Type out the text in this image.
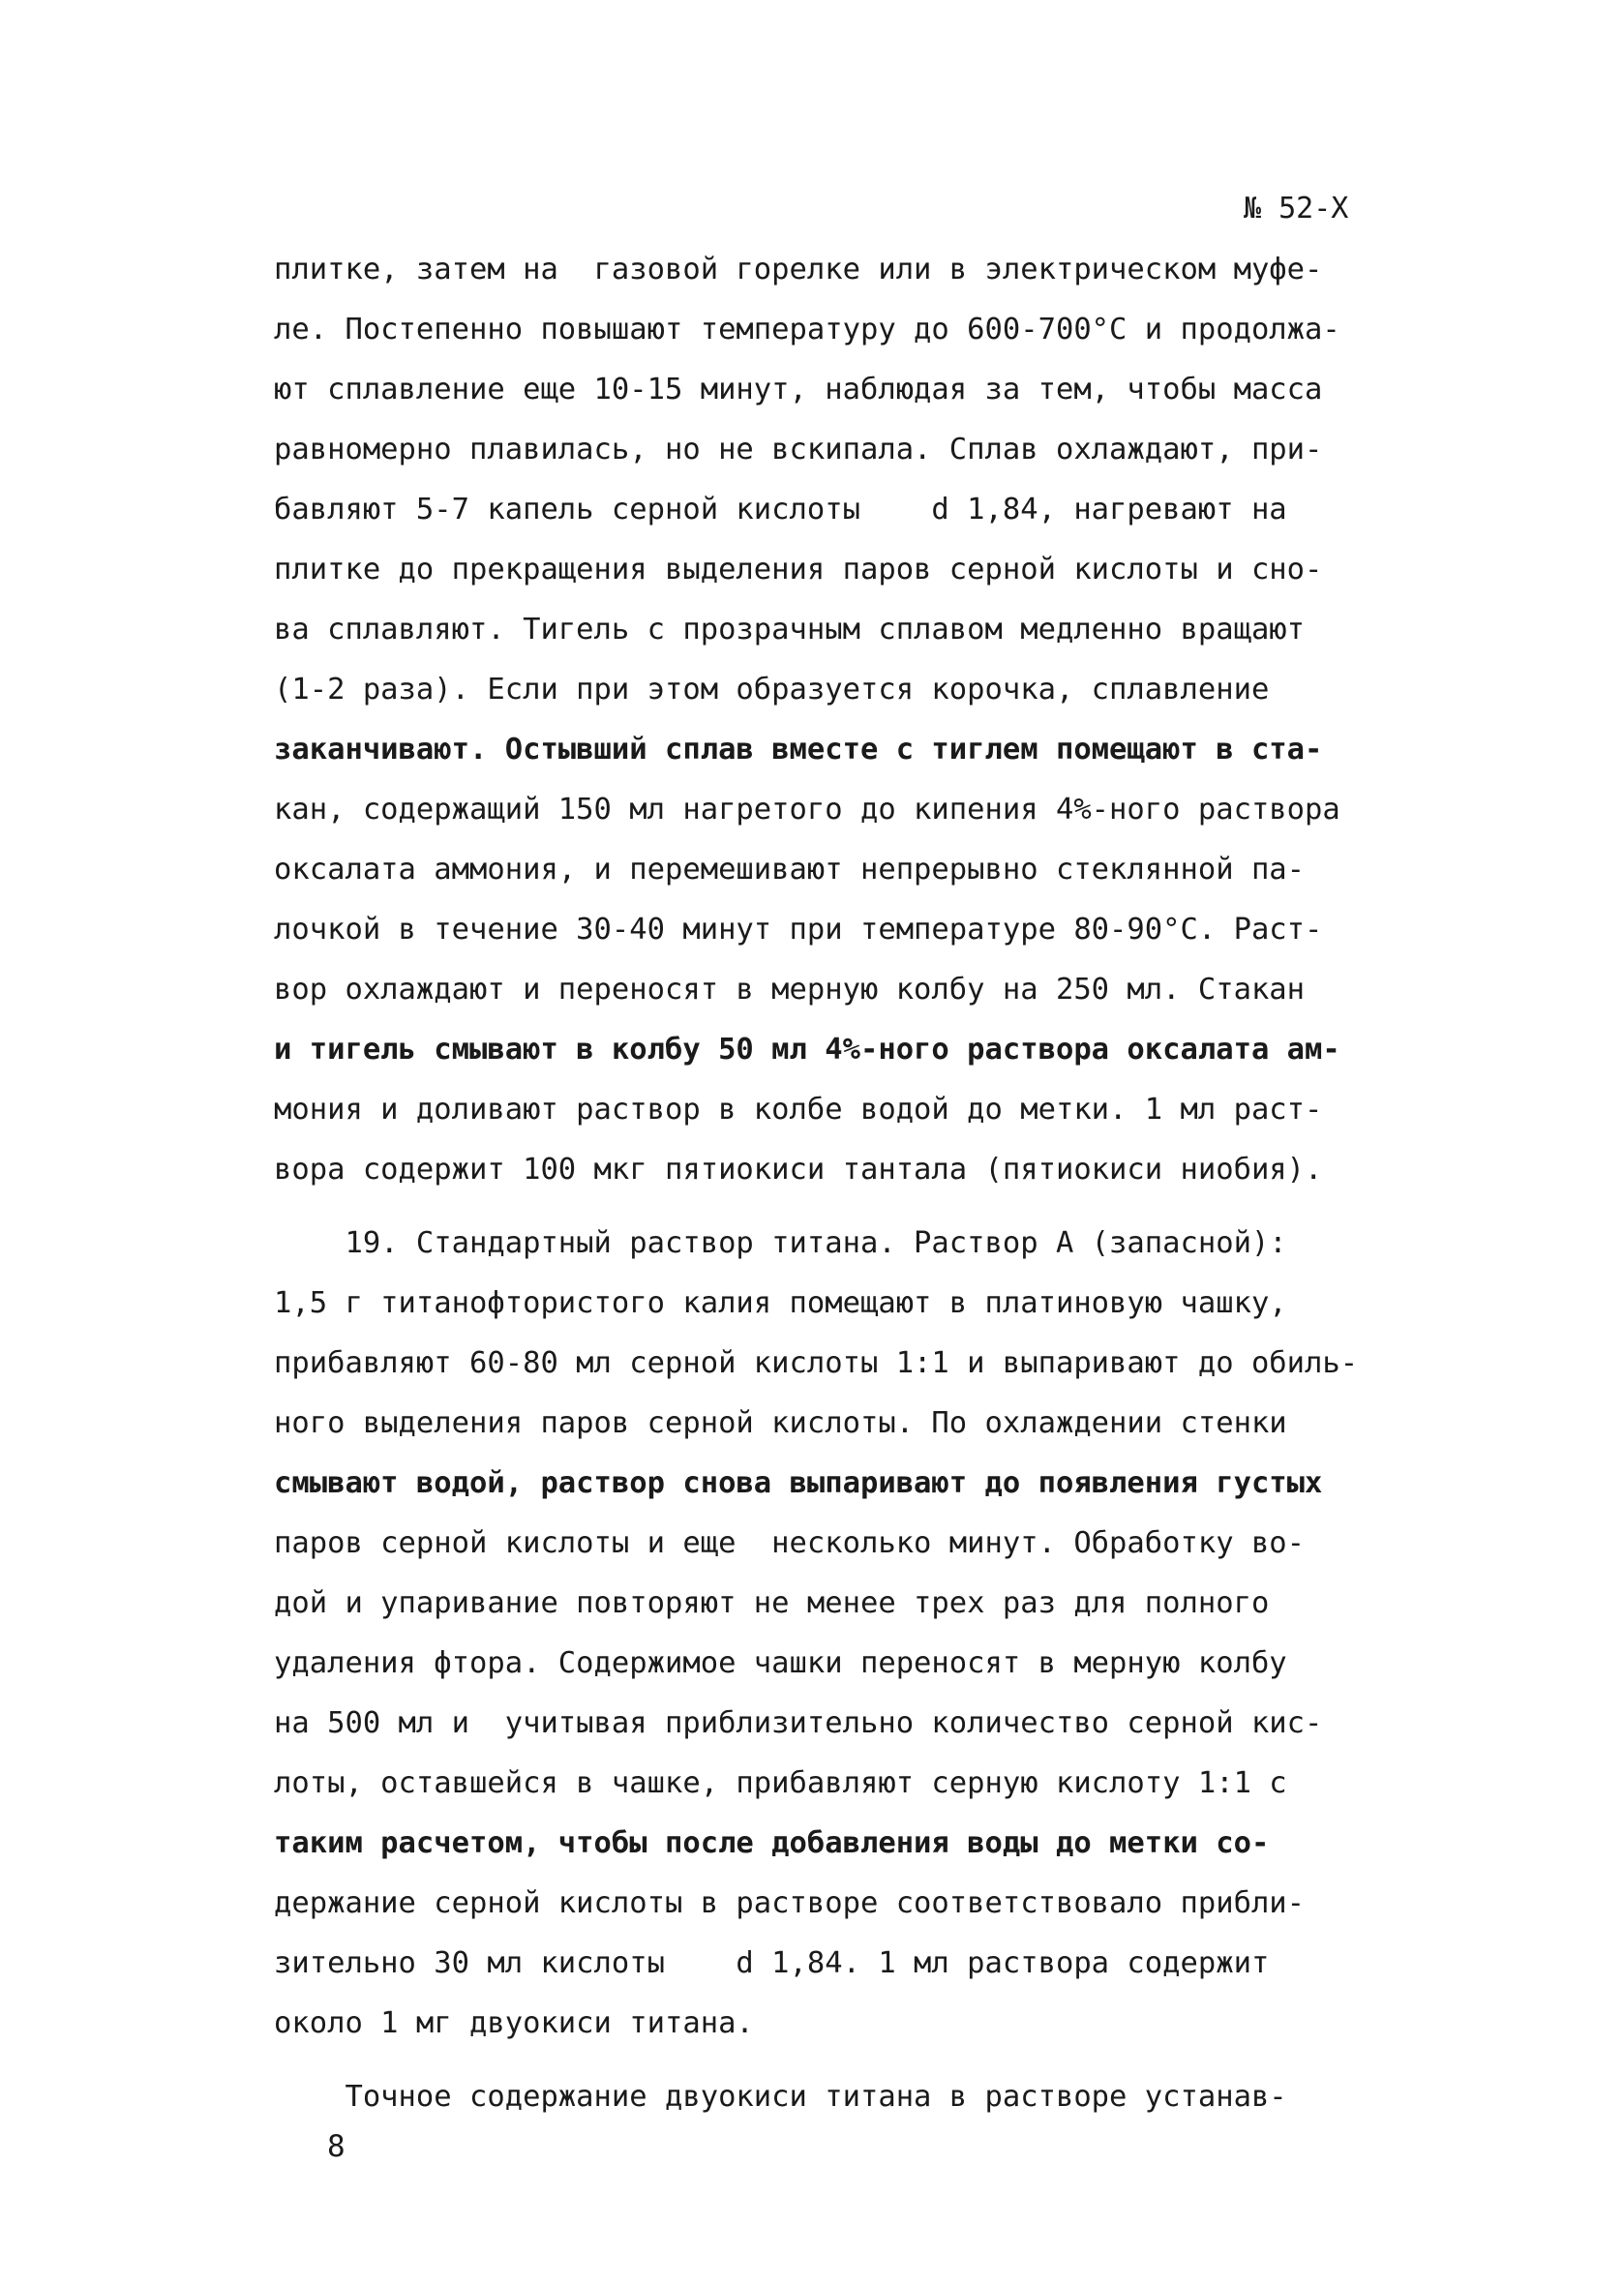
№ 52-Х
плитке, затем на  газовой горелке или в электрическом муфе-
ле. Постепенно повышают температуру до 600-700°С и продолжа-
ют сплавление еще 10-15 минут, наблюдая за тем, чтобы масса
равномерно плавилась, но не вскипала. Сплав охлаждают, при-
бавляют 5-7 капель серной кислоты    d 1,84, нагревают на
плитке до прекращения выделения паров серной кислоты и сно-
ва сплавляют. Тигель с прозрачным сплавом медленно вращают
(1-2 раза). Если при этом образуется корочка, сплавление
заканчивают. Остывший сплав вместе с тиглем помещают в ста-
кан, содержащий 150 мл нагретого до кипения 4%-ного раствора
оксалата аммония, и перемешивают непрерывно стеклянной па-
лочкой в течение 30-40 минут при температуре 80-90°С. Раст-
вор охлаждают и переносят в мерную колбу на 250 мл. Стакан
и тигель смывают в колбу 50 мл 4%-ного раствора оксалата ам-
мония и доливают раствор в колбе водой до метки. 1 мл раст-
вора содержит 100 мкг пятиокиси тантала (пятиокиси ниобия).
19. Стандартный раствор титана. Раствор А (запасной):
1,5 г титанофтористого калия помещают в платиновую чашку,
прибавляют 60-80 мл серной кислоты 1:1 и выпаривают до обиль-
ного выделения паров серной кислоты. По охлаждении стенки
смывают водой, раствор снова выпаривают до появления густых
паров серной кислоты и еще  несколько минут. Обработку во-
дой и упаривание повторяют не менее трех раз для полного
удаления фтора. Содержимое чашки переносят в мерную колбу
на 500 мл и  учитывая приблизительно количество серной кис-
лоты, оставшейся в чашке, прибавляют серную кислоту 1:1 с
таким расчетом, чтобы после добавления воды до метки со-
держание серной кислоты в растворе соответствовало прибли-
зительно 30 мл кислоты    d 1,84. 1 мл раствора содержит
около 1 мг двуокиси титана.
Точное содержание двуокиси титана в растворе устанав-
8
